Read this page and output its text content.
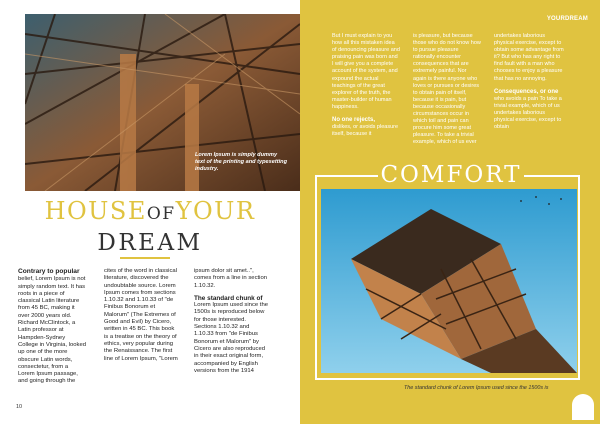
Lorem Ipsum is simply dummy text of the printing and typesetting industry.
HOUSEOFYOUR
DREAM
Contrary to popular belief, Lorem Ipsum is not simply random text. It has roots in a piece of classical Latin literature from 45 BC, making it over 2000 years old. Richard McClintock, a Latin professor at Hampden-Sydney College in Virginia, looked up one of the more obscure Latin words, consectetur, from a Lorem Ipsum passage, and going through the
cites of the word in classical literature, discovered the undoubtable source. Lorem Ipsum comes from sections 1.10.32 and 1.10.33 of "de Finibus Bonorum et Malorum" (The Extremes of Good and Evil) by Cicero, written in 45 BC. This book is a treatise on the theory of ethics, very popular during the Renaissance. The first line of Lorem Ipsum, "Lorem
ipsum dolor sit amet..", comes from a line in section 1.10.32.
The standard chunk of
Lorem Ipsum used since the 1500s is reproduced below for those interested. Sections 1.10.32 and 1.10.33 from "de Finibus Bonorum et Malorum" by Cicero are also reproduced in their exact original form, accompanied by English versions from the 1914
10
YOURDREAM
But I must explain to you how all this mistaken idea of denouncing pleasure and praising pain was born and I will give you a complete account of the system, and expound the actual teachings of the great explorer of the truth, the master-builder of human happiness.
No one rejects,
dislikes, or avoids pleasure itself, because it
is pleasure, but because those who do not know how to pursue pleasure rationally encounter consequences that are extremely painful. Nor again is there anyone who loves or pursues or desires to obtain pain of itself, because it is pain, but because occasionally circumstances occur in which toil and pain can procure him some great pleasure. To take a trivial example, which of us ever
undertakes laborious physical exercise, except to obtain some advantage from it? But who has any right to find fault with a man who chooses to enjoy a pleasure that has no annoying.
Consequences, or one
who avoids a pain To take a trivial example, which of us undertakes laborious physical exercise, except to obtain
COMFORT
The standard chunk of Lorem Ipsum used since the 1500s is
